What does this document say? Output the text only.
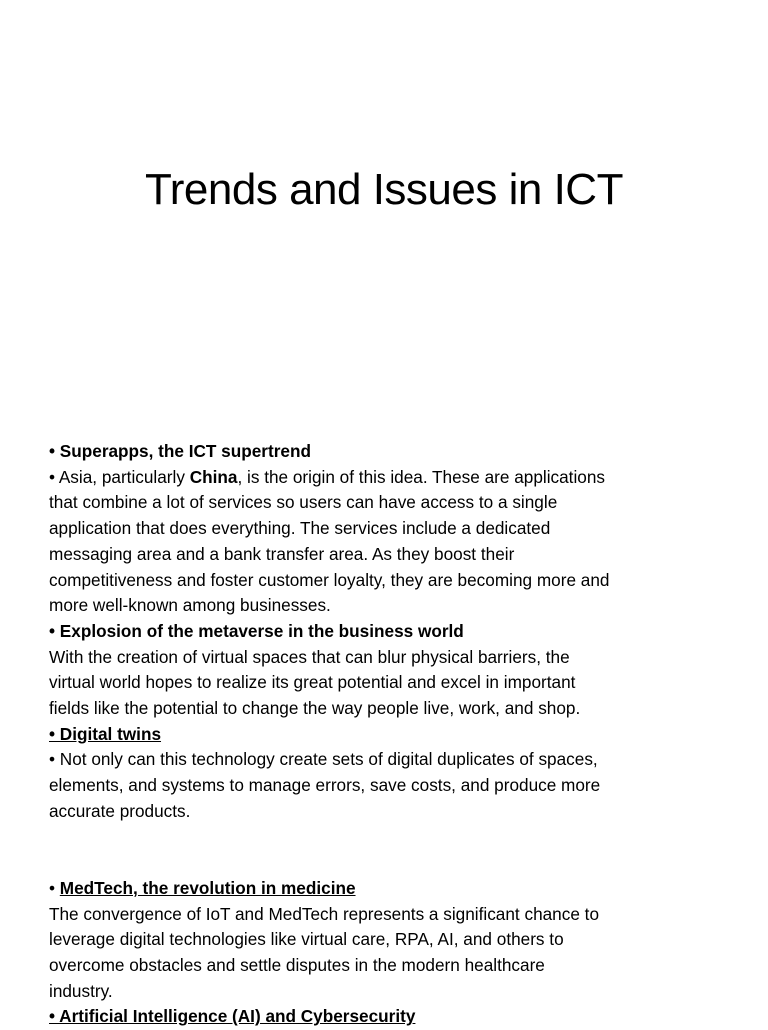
Trends and Issues in ICT
• Superapps, the ICT supertrend
• Asia, particularly China, is the origin of this idea. These are applications
that combine a lot of services so users can have access to a single
application that does everything. The services include a dedicated
messaging area and a bank transfer area. As they boost their
competitiveness and foster customer loyalty, they are becoming more and
more well-known among businesses.
• Explosion of the metaverse in the business world
With the creation of virtual spaces that can blur physical barriers, the
virtual world hopes to realize its great potential and excel in important
fields like the potential to change the way people live, work, and shop.
• Digital twins
• Not only can this technology create sets of digital duplicates of spaces,
elements, and systems to manage errors, save costs, and produce more
accurate products.
• MedTech, the revolution in medicine
The convergence of IoT and MedTech represents a significant chance to
leverage digital technologies like virtual care, RPA, AI, and others to
overcome obstacles and settle disputes in the modern healthcare
industry.
• Artificial Intelligence (AI) and Cybersecurity
